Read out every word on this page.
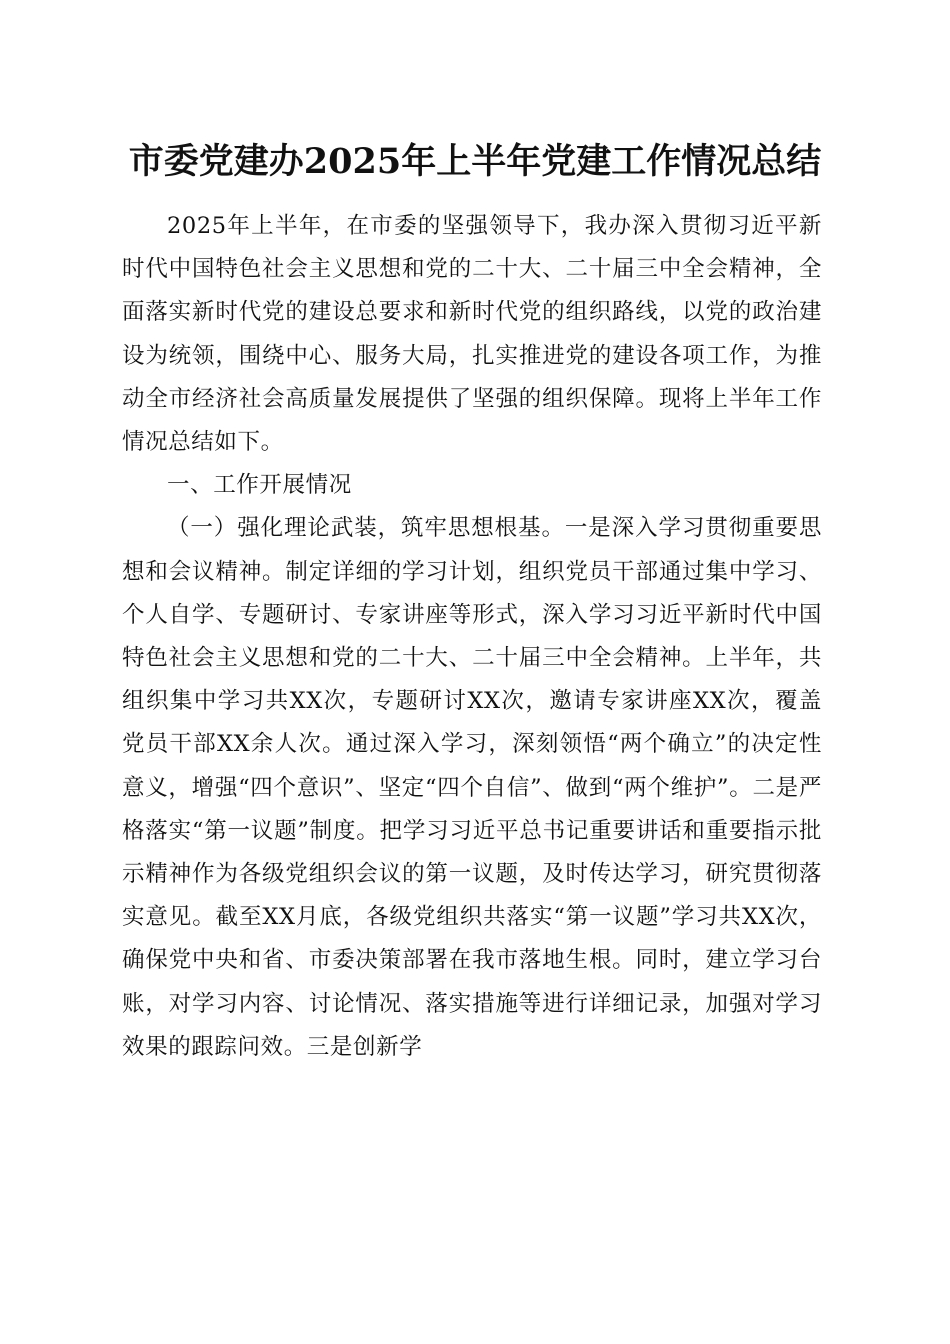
市委党建办2025年上半年党建工作情况总结

2025年上半年，在市委的坚强领导下，我办深入贯彻习近平新时代中国特色社会主义思想和党的二十大、二十届三中全会精神，全面落实新时代党的建设总要求和新时代党的组织路线，以党的政治建设为统领，围绕中心、服务大局，扎实推进党的建设各项工作，为推动全市经济社会高质量发展提供了坚强的组织保障。现将上半年工作情况总结如下。

一、工作开展情况

（一）强化理论武装，筑牢思想根基。一是深入学习贯彻重要思想和会议精神。制定详细的学习计划，组织党员干部通过集中学习、个人自学、专题研讨、专家讲座等形式，深入学习习近平新时代中国特色社会主义思想和党的二十大、二十届三中全会精神。上半年，共组织集中学习共XX次，专题研讨XX次，邀请专家讲座XX次，覆盖党员干部XX余人次。通过深入学习，深刻领悟“两个确立”的决定性意义，增强“四个意识”、坚定“四个自信”、做到“两个维护”。二是严格落实“第一议题”制度。把学习习近平总书记重要讲话和重要指示批示精神作为各级党组织会议的第一议题，及时传达学习，研究贯彻落实意见。截至XX月底，各级党组织共落实“第一议题”学习共XX次，确保党中央和省、市委决策部署在我市落地生根。同时，建立学习台账，对学习内容、讨论情况、落实措施等进行详细记录，加强对学习效果的跟踪问效。三是创新学
